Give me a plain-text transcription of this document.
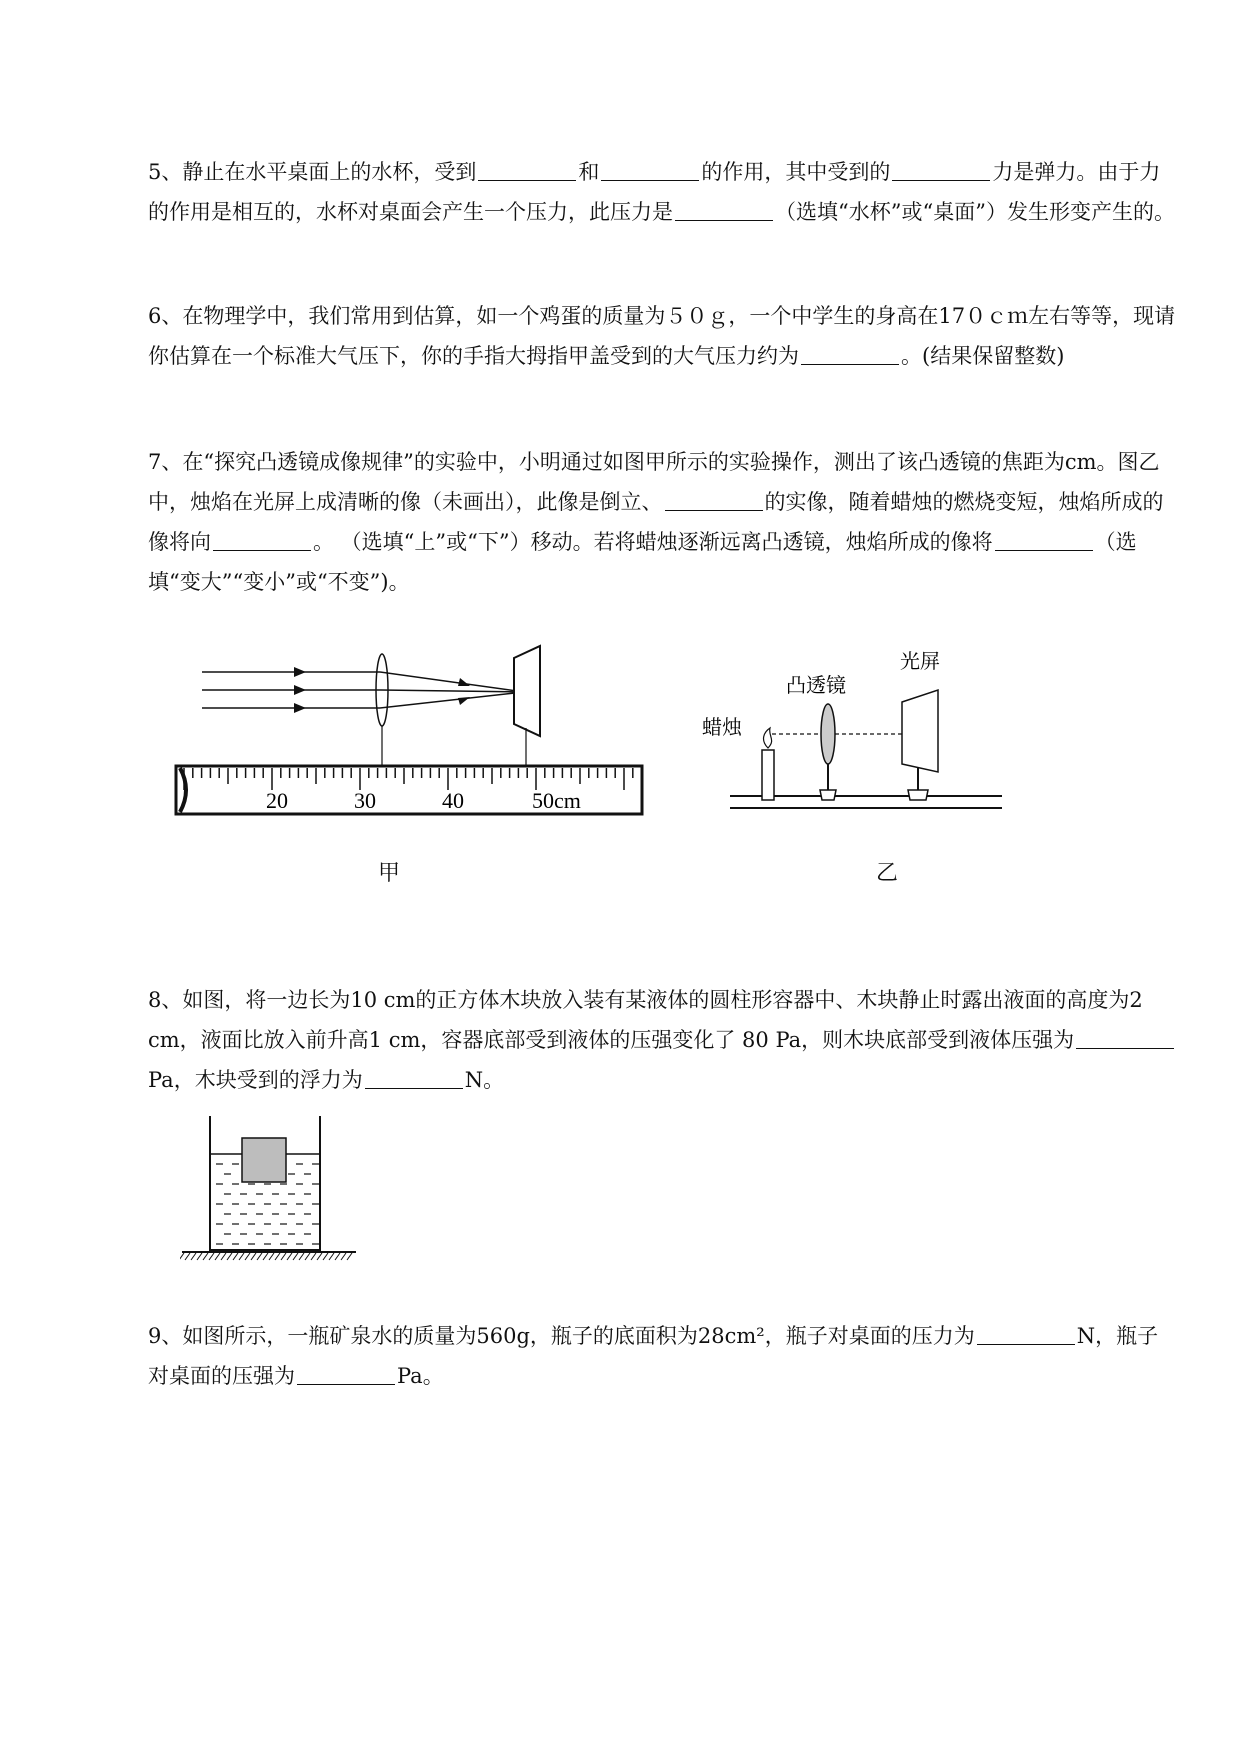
5、静止在水平桌面上的水杯，受到	和	的作用，其中受到的	力是弹力。由于力的作用是相互的，水杯对桌面会产生一个压力，此压力是	（选填“水杯”或“桌面”）发生形变产生的。
6、在物理学中，我们常用到估算，如一个鸡蛋的质量为５０ｇ，一个中学生的身高在17０ｃｍ左右等等，现请你估算在一个标准大气压下，你的手指大拇指甲盖受到的大气压力约为	。(结果保留整数)
7、在“探究凸透镜成像规律”的实验中，小明通过如图甲所示的实验操作，测出了该凸透镜的焦距为cm。图乙中，烛焰在光屏上成清晰的像（未画出），此像是倒立、	的实像，随着蜡烛的燃烧变短，烛焰所成的像将向	。 （选填“上”或“下”）移动。若将蜡烛逐渐远离凸透镜，烛焰所成的像将	（选填“变大”“变小”或“不变”)。
20	30	40	50cm
甲
光屏
凸透镜
蜡烛
乙
8、如图，将一边长为10 cm的正方体木块放入装有某液体的圆柱形容器中、木块静止时露出液面的高度为2 cm，液面比放入前升高1 cm，容器底部受到液体的压强变化了 80 Pa，则木块底部受到液体压强为Pa，木块受到的浮力为	N。
9、如图所示，一瓶矿泉水的质量为560g，瓶子的底面积为28cm²，瓶子对桌面的压力为	N，瓶子对桌面的压强为	Pa。
